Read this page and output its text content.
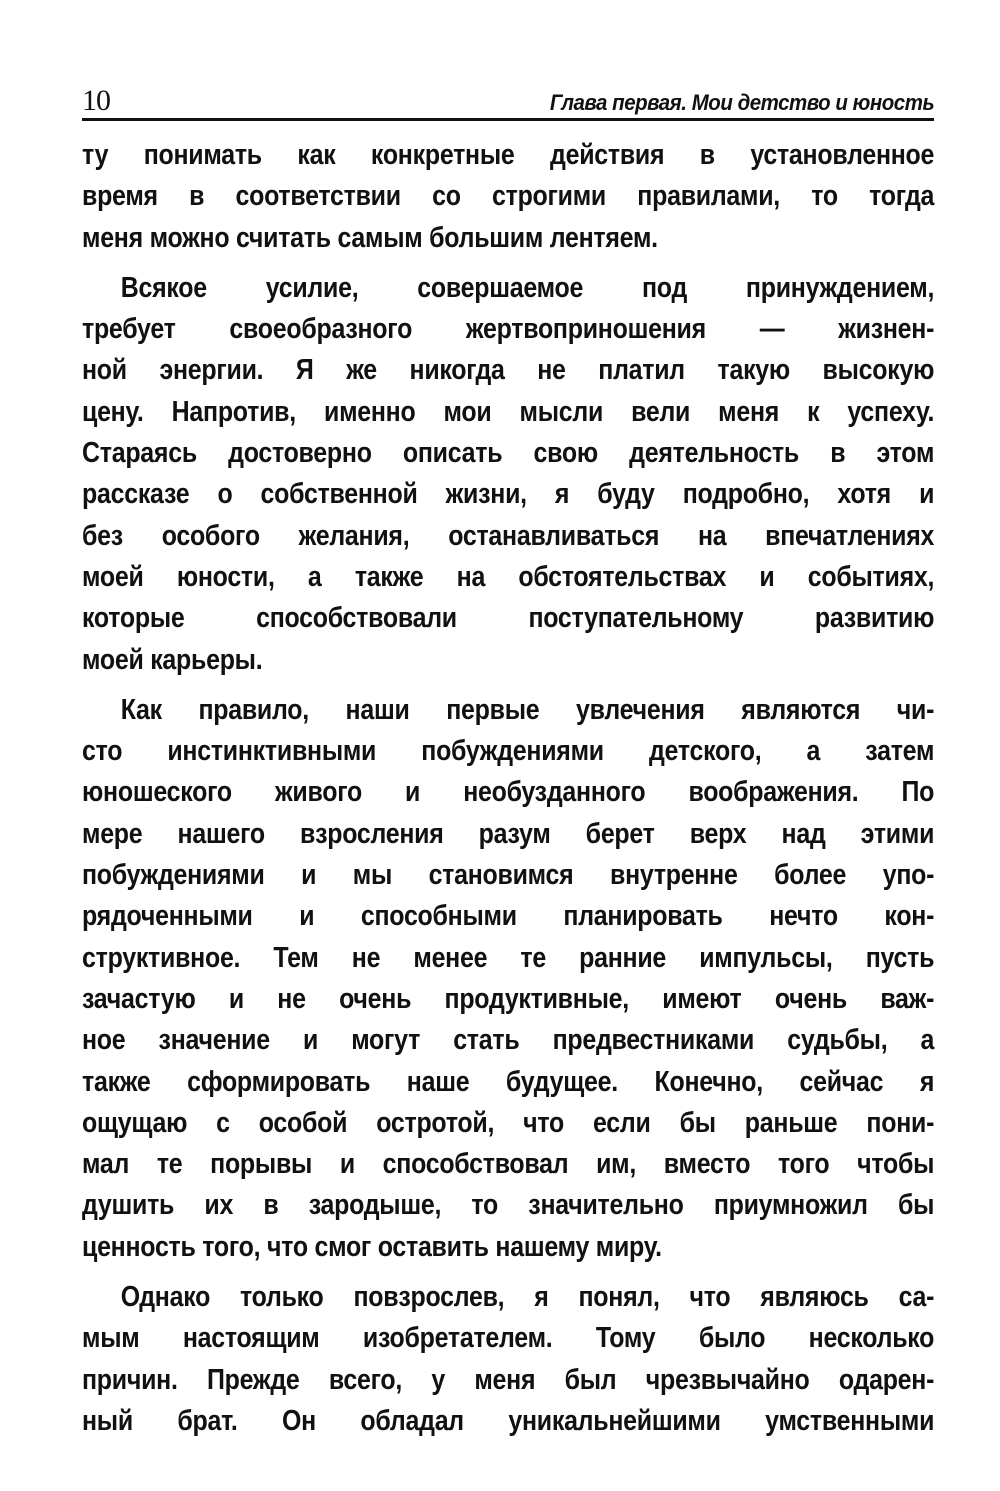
10	Глава первая. Мои детство и юность

ту понимать как конкретные действия в установленное
время в соответствии со строгими правилами, то тогда
меня можно считать самым большим лентяем.

Всякое усилие, совершаемое под принуждением,
требует своеобразного жертвоприношения — жизнен-
ной энергии. Я же никогда не платил такую высокую
цену. Напротив, именно мои мысли вели меня к успеху.
Стараясь достоверно описать свою деятельность в этом
рассказе о собственной жизни, я буду подробно, хотя и
без особого желания, останавливаться на впечатлениях
моей юности, а также на обстоятельствах и событиях,
которые способствовали поступательному развитию
моей карьеры.

Как правило, наши первые увлечения являются чи-
сто инстинктивными побуждениями детского, а затем
юношеского живого и необузданного воображения. По
мере нашего взросления разум берет верх над этими
побуждениями и мы становимся внутренне более упо-
рядоченными и способными планировать нечто кон-
структивное. Тем не менее те ранние импульсы, пусть
зачастую и не очень продуктивные, имеют очень важ-
ное значение и могут стать предвестниками судьбы, а
также сформировать наше будущее. Конечно, сейчас я
ощущаю с особой остротой, что если бы раньше пони-
мал те порывы и способствовал им, вместо того чтобы
душить их в зародыше, то значительно приумножил бы
ценность того, что смог оставить нашему миру.

Однако только повзрослев, я понял, что являюсь са-
мым настоящим изобретателем. Тому было несколько
причин. Прежде всего, у меня был чрезвычайно одарен-
ный брат. Он обладал уникальнейшими умственными
